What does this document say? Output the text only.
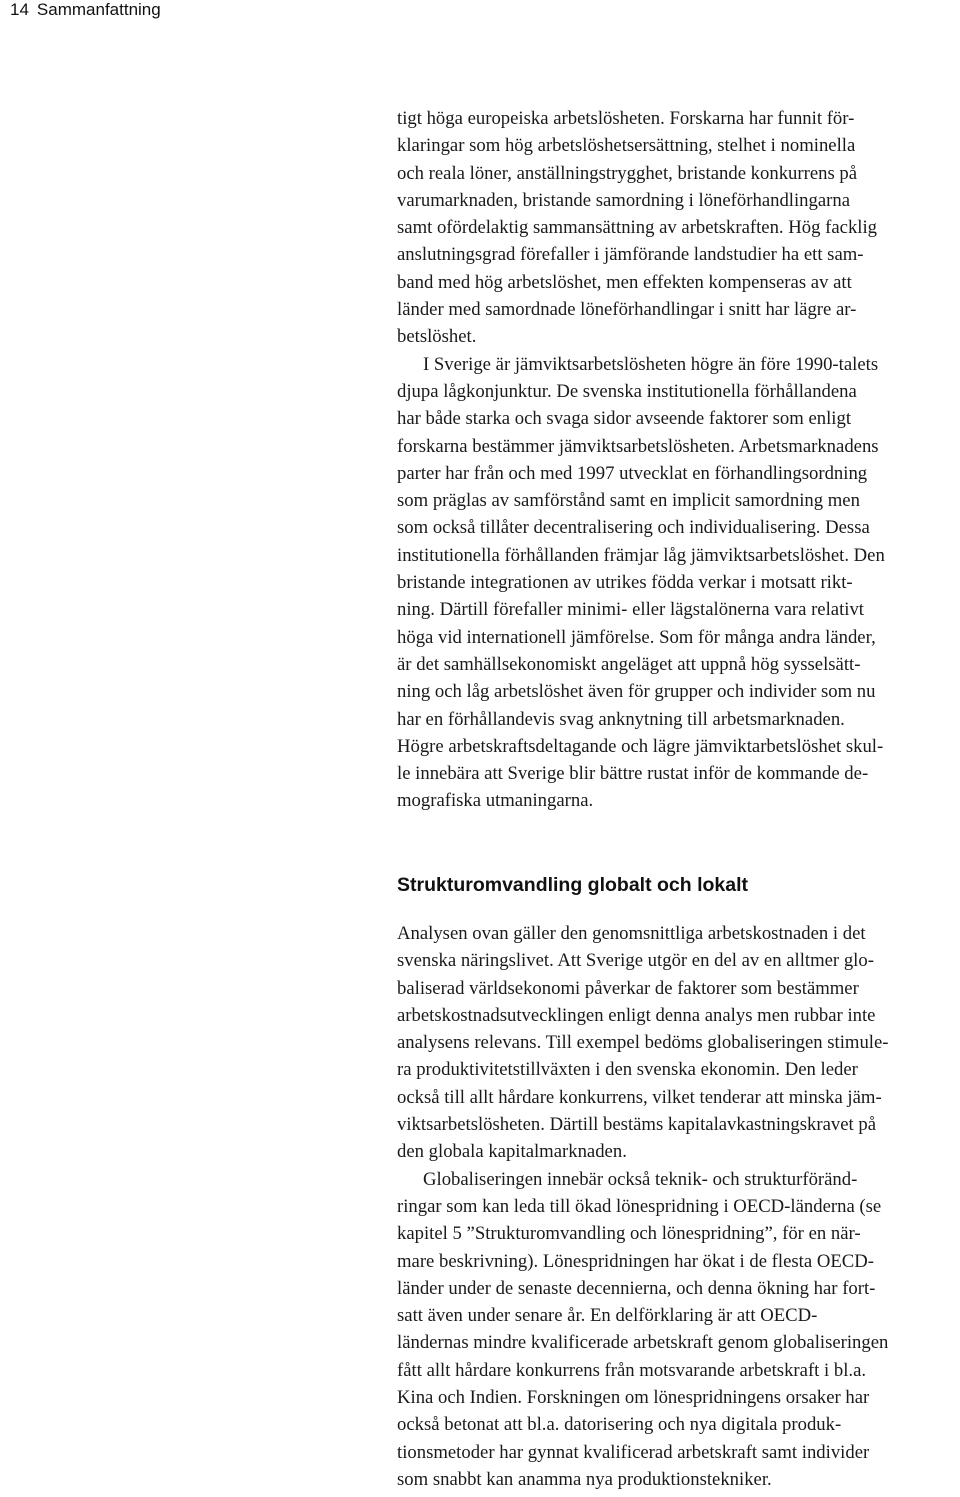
14 Sammanfattning
tigt höga europeiska arbetslösheten. Forskarna har funnit för-
klaringar som hög arbetslöshetsersättning, stelhet i nominella
och reala löner, anställningstrygghet, bristande konkurrens på
varumarknaden, bristande samordning i löneförhandlingarna
samt ofördelaktig sammansättning av arbetskraften. Hög facklig
anslutningsgrad förefaller i jämförande landstudier ha ett sam-
band med hög arbetslöshet, men effekten kompenseras av att
länder med samordnade löneförhandlingar i snitt har lägre ar-
betslöshet.
I Sverige är jämviktsarbetslösheten högre än före 1990-talets
djupa lågkonjunktur. De svenska institutionella förhållandena
har både starka och svaga sidor avseende faktorer som enligt
forskarna bestämmer jämviktsarbetslösheten. Arbetsmarknadens
parter har från och med 1997 utvecklat en förhandlingsordning
som präglas av samförstånd samt en implicit samordning men
som också tillåter decentralisering och individualisering. Dessa
institutionella förhållanden främjar låg jämviktsarbetslöshet. Den
bristande integrationen av utrikes födda verkar i motsatt rikt-
ning. Därtill förefaller minimi- eller lägstalönerna vara relativt
höga vid internationell jämförelse. Som för många andra länder,
är det samhällsekonomiskt angeläget att uppnå hög sysselsätt-
ning och låg arbetslöshet även för grupper och individer som nu
har en förhållandevis svag anknytning till arbetsmarknaden.
Högre arbetskraftsdeltagande och lägre jämviktarbetslöshet skul-
le innebära att Sverige blir bättre rustat inför de kommande de-
mografiska utmaningarna.
Strukturomvandling globalt och lokalt
Analysen ovan gäller den genomsnittliga arbetskostnaden i det
svenska näringslivet. Att Sverige utgör en del av en alltmer glo-
baliserad världsekonomi påverkar de faktorer som bestämmer
arbetskostnadsutvecklingen enligt denna analys men rubbar inte
analysens relevans. Till exempel bedöms globaliseringen stimule-
ra produktivitetstillväxten i den svenska ekonomin. Den leder
också till allt hårdare konkurrens, vilket tenderar att minska jäm-
viktsarbetslösheten. Därtill bestäms kapitalavkastningskravet på
den globala kapitalmarknaden.
Globaliseringen innebär också teknik- och strukturföränd-
ringar som kan leda till ökad lönespridning i OECD-länderna (se
kapitel 5 ”Strukturomvandling och lönespridning”, för en när-
mare beskrivning). Lönespridningen har ökat i de flesta OECD-
länder under de senaste decennierna, och denna ökning har fort-
satt även under senare år. En delförklaring är att OECD-
ländernas mindre kvalificerade arbetskraft genom globaliseringen
fått allt hårdare konkurrens från motsvarande arbetskraft i bl.a.
Kina och Indien. Forskningen om lönespridningens orsaker har
också betonat att bl.a. datorisering och nya digitala produk-
tionsmetoder har gynnat kvalificerad arbetskraft samt individer
som snabbt kan anamma nya produktionstekniker.
